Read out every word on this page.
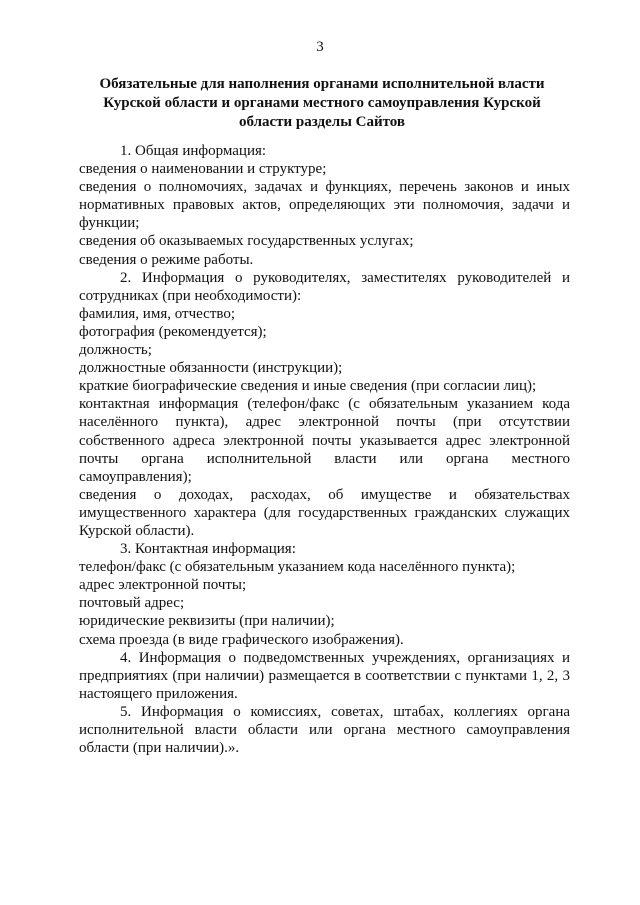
3
Обязательные для наполнения органами исполнительной власти Курской области и органами местного самоуправления Курской области разделы Сайтов

1. Общая информация:

сведения о наименовании и структуре;

сведения о полномочиях, задачах и функциях, перечень законов и иных нормативных правовых актов, определяющих эти полномочия, задачи и функции;

сведения об оказываемых государственных услугах;

сведения о режиме работы.

2. Информация о руководителях, заместителях руководителей и сотрудниках (при необходимости):

фамилия, имя, отчество;

фотография (рекомендуется);

должность;

должностные обязанности (инструкции);

краткие биографические сведения и иные сведения (при согласии лиц);

контактная информация (телефон/факс (с обязательным указанием кода населённого пункта), адрес электронной почты (при отсутствии собственного адреса электронной почты указывается адрес электронной почты органа исполнительной власти или органа местного самоуправления);

сведения о доходах, расходах, об имуществе и обязательствах имущественного характера (для государственных гражданских служащих Курской области).

3. Контактная информация:

телефон/факс (с обязательным указанием кода населённого пункта);

адрес электронной почты;

почтовый адрес;

юридические реквизиты (при наличии);

схема проезда (в виде графического изображения).

4. Информация о подведомственных учреждениях, организациях и предприятиях (при наличии) размещается в соответствии с пунктами 1, 2, 3 настоящего приложения.

5. Информация о комиссиях, советах, штабах, коллегиях органа исполнительной власти области или органа местного самоуправления области (при наличии).».
